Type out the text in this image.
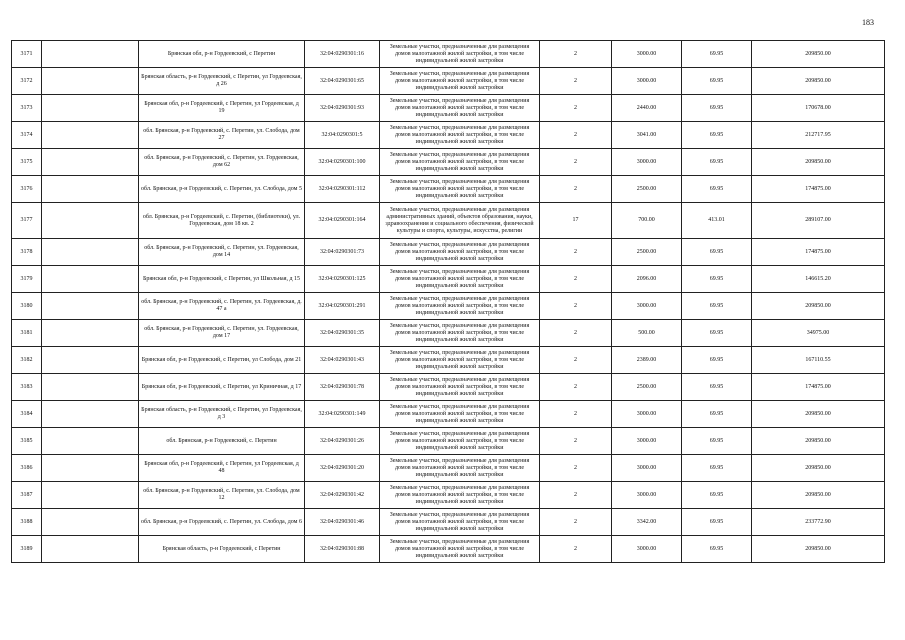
183
3171		Брянская обл, р-н Гордеевский, с Перетин	32:04:0290301:16	Земельные участки, предназначенные для размещения домов малоэтажной жилой застройки, в том числе индивидуальной жилой застройки	2	3000.00	69.95	209850.00
3172		Брянская область, р-н Гордеевский, с Перетин, ул Гордеевская, д 26	32:04:0290301:65	Земельные участки, предназначенные для размещения домов малоэтажной жилой застройки, в том числе индивидуальной жилой застройки	2	3000.00	69.95	209850.00
3173		Брянская обл, р-н Гордеевский, с Перетин, ул Гордеевская, д 19	32:04:0290301:93	Земельные участки, предназначенные для размещения домов малоэтажной жилой застройки, в том числе индивидуальной жилой застройки	2	2440.00	69.95	170678.00
3174		обл. Брянская, р-н Гордеевский, с. Перетин, ул. Слобода, дом 27	32:04:0290301:5	Земельные участки, предназначенные для размещения домов малоэтажной жилой застройки, в том числе индивидуальной жилой застройки	2	3041.00	69.95	212717.95
3175		обл. Брянская, р-н Гордеевский, с. Перетин, ул. Гордеевская, дом 62	32:04:0290301:100	Земельные участки, предназначенные для размещения домов малоэтажной жилой застройки, в том числе индивидуальной жилой застройки	2	3000.00	69.95	209850.00
3176		обл. Брянская, р-н Гордеевский, с. Перетин, ул. Слобода, дом 5	32:04:0290301:112	Земельные участки, предназначенные для размещения домов малоэтажной жилой застройки, в том числе индивидуальной жилой застройки	2	2500.00	69.95	174875.00
3177		обл. Брянская, р-н Гордеевский, с. Перетин, (библиотеки), ул. Гордеевская, дом 18 кв. 2	32:04:0290301:164	Земельные участки, предназначенные для размещения административных зданий, объектов образования, науки, здравоохранения и социального обеспечения, физической культуры и спорта, культуры, искусства, религии	17	700.00	413.01	289107.00
3178		обл. Брянская, р-н Гордеевский, с. Перетин, ул. Гордеевская, дом 14	32:04:0290301:73	Земельные участки, предназначенные для размещения домов малоэтажной жилой застройки, в том числе индивидуальной жилой застройки	2	2500.00	69.95	174875.00
3179		Брянская обл, р-н Гордеевский, с Перетин, ул Школьная, д 15	32:04:0290301:125	Земельные участки, предназначенные для размещения домов малоэтажной жилой застройки, в том числе индивидуальной жилой застройки	2	2096.00	69.95	146615.20
3180		обл. Брянская, р-н Гордеевский, с. Перетин, ул. Гордеевская, д. 47 а	32:04:0290301:291	Земельные участки, предназначенные для размещения домов малоэтажной жилой застройки, в том числе индивидуальной жилой застройки	2	3000.00	69.95	209850.00
3181		обл. Брянская, р-н Гордеевский, с. Перетин, ул. Гордеевская, дом 17	32:04:0290301:35	Земельные участки, предназначенные для размещения домов малоэтажной жилой застройки, в том числе индивидуальной жилой застройки	2	500.00	69.95	34975.00
3182		Брянская обл, р-н Гордеевский, с Перетин, ул Слобода, дом 21	32:04:0290301:43	Земельные участки, предназначенные для размещения домов малоэтажной жилой застройки, в том числе индивидуальной жилой застройки	2	2389.00	69.95	167110.55
3183		Брянская обл, р-н Гордеевский, с Перетин, ул Криничная, д 17	32:04:0290301:78	Земельные участки, предназначенные для размещения домов малоэтажной жилой застройки, в том числе индивидуальной жилой застройки	2	2500.00	69.95	174875.00
3184		Брянская область, р-н Гордеевский, с Перетин, ул Гордеевская, д 3	32:04:0290301:149	Земельные участки, предназначенные для размещения домов малоэтажной жилой застройки, в том числе индивидуальной жилой застройки	2	3000.00	69.95	209850.00
3185		обл. Брянская, р-н Гордеевский, с. Перетин	32:04:0290301:26	Земельные участки, предназначенные для размещения домов малоэтажной жилой застройки, в том числе индивидуальной жилой застройки	2	3000.00	69.95	209850.00
3186		Брянская обл, р-н Гордеевский, с Перетин, ул Гордеевская, д 48	32:04:0290301:20	Земельные участки, предназначенные для размещения домов малоэтажной жилой застройки, в том числе индивидуальной жилой застройки	2	3000.00	69.95	209850.00
3187		обл. Брянская, р-н Гордеевский, с. Перетин, ул. Слобода, дом 12	32:04:0290301:42	Земельные участки, предназначенные для размещения домов малоэтажной жилой застройки, в том числе индивидуальной жилой застройки	2	3000.00	69.95	209850.00
3188		обл. Брянская, р-н Гордеевский, с. Перетин, ул. Слобода, дом 6	32:04:0290301:46	Земельные участки, предназначенные для размещения домов малоэтажной жилой застройки, в том числе индивидуальной жилой застройки	2	3342.00	69.95	233772.90
3189		Брянская область, р-н Гордеевский, с Перетин	32:04:0290301:88	Земельные участки, предназначенные для размещения домов малоэтажной жилой застройки, в том числе индивидуальной жилой застройки	2	3000.00	69.95	209850.00
